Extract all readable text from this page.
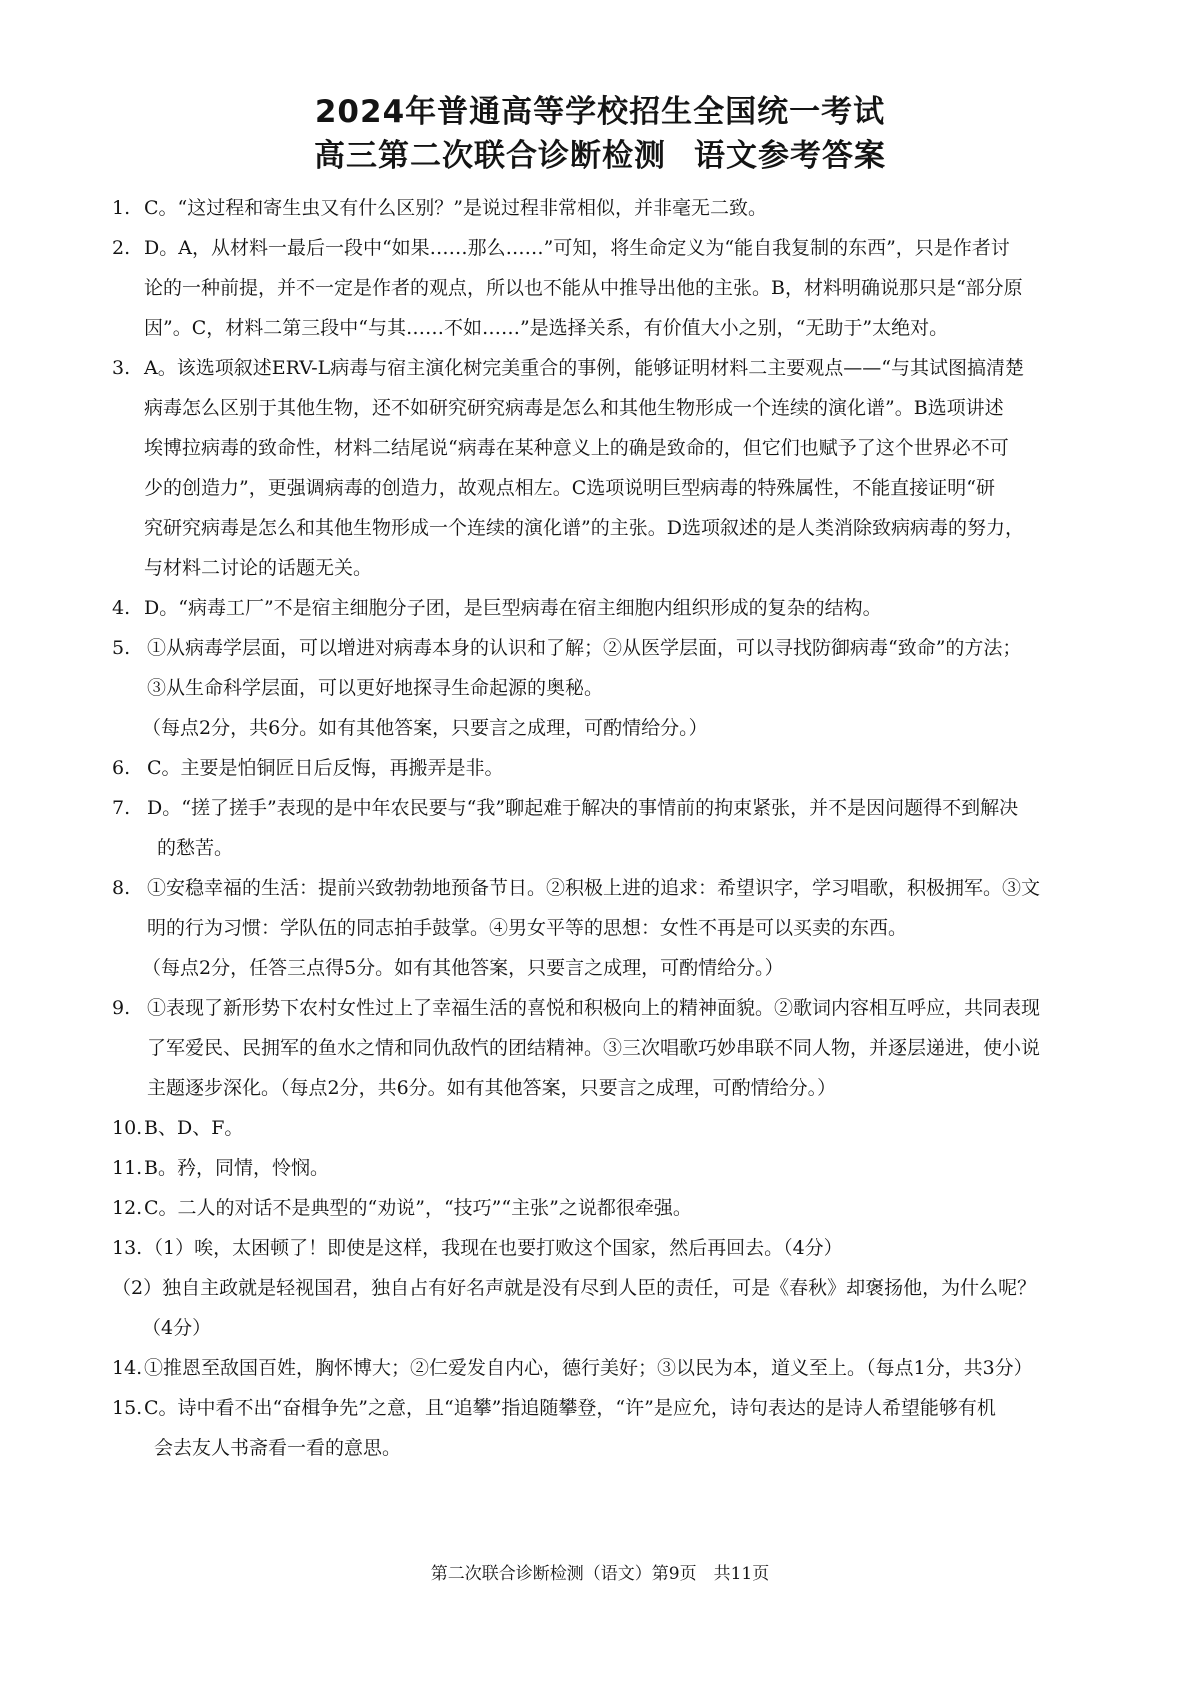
2024年普通高等学校招生全国统一考试
高三第二次联合诊断检测 语文参考答案
1. C。“这过程和寄生虫又有什么区别？”是说过程非常相似，并非毫无二致。

2. D。A，从材料一最后一段中“如果……那么……”可知，将生命定义为“能自我复制的东西”，只是作者讨

论的一种前提，并不一定是作者的观点，所以也不能从中推导出他的主张。B，材料明确说那只是“部分原

因”。C，材料二第三段中“与其……不如……”是选择关系，有价值大小之别，“无助于”太绝对。

3. A。该选项叙述ERV-L病毒与宿主演化树完美重合的事例，能够证明材料二主要观点——“与其试图搞清楚

病毒怎么区别于其他生物，还不如研究研究病毒是怎么和其他生物形成一个连续的演化谱”。B选项讲述

埃博拉病毒的致命性，材料二结尾说“病毒在某种意义上的确是致命的，但它们也赋予了这个世界必不可

少的创造力”，更强调病毒的创造力，故观点相左。C选项说明巨型病毒的特殊属性，不能直接证明“研

究研究病毒是怎么和其他生物形成一个连续的演化谱”的主张。D选项叙述的是人类消除致病病毒的努力，

与材料二讨论的话题无关。

4. D。“病毒工厂”不是宿主细胞分子团，是巨型病毒在宿主细胞内组织形成的复杂的结构。

5. ①从病毒学层面，可以增进对病毒本身的认识和了解；②从医学层面，可以寻找防御病毒“致命”的方法；

③从生命科学层面，可以更好地探寻生命起源的奥秘。

（每点2分，共6分。如有其他答案，只要言之成理，可酌情给分。）

6. C。主要是怕铜匠日后反悔，再搬弄是非。

7. D。“搓了搓手”表现的是中年农民要与“我”聊起难于解决的事情前的拘束紧张，并不是因问题得不到解决

的愁苦。

8. ①安稳幸福的生活：提前兴致勃勃地预备节日。②积极上进的追求：希望识字，学习唱歌，积极拥军。③文

明的行为习惯：学队伍的同志拍手鼓掌。④男女平等的思想：女性不再是可以买卖的东西。

（每点2分，任答三点得5分。如有其他答案，只要言之成理，可酌情给分。）

9. ①表现了新形势下农村女性过上了幸福生活的喜悦和积极向上的精神面貌。②歌词内容相互呼应，共同表现

了军爱民、民拥军的鱼水之情和同仇敌忾的团结精神。③三次唱歌巧妙串联不同人物，并逐层递进，使小说

主题逐步深化。（每点2分，共6分。如有其他答案，只要言之成理，可酌情给分。）

10. B、D、F。

11. B。矜，同情，怜悯。

12. C。二人的对话不是典型的“劝说”，“技巧”“主张”之说都很牵强。

13. （1）唉，太困顿了！即使是这样，我现在也要打败这个国家，然后再回去。（4分）

（2）独自主政就是轻视国君，独自占有好名声就是没有尽到人臣的责任，可是《春秋》却褒扬他，为什么呢？

（4分）

14. ①推恩至敌国百姓，胸怀博大；②仁爱发自内心，德行美好；③以民为本，道义至上。（每点1分，共3分）

15. C。诗中看不出“奋楫争先”之意，且“追攀”指追随攀登，“许”是应允，诗句表达的是诗人希望能够有机

会去友人书斋看一看的意思。

第二次联合诊断检测（语文）第9页　共11页
